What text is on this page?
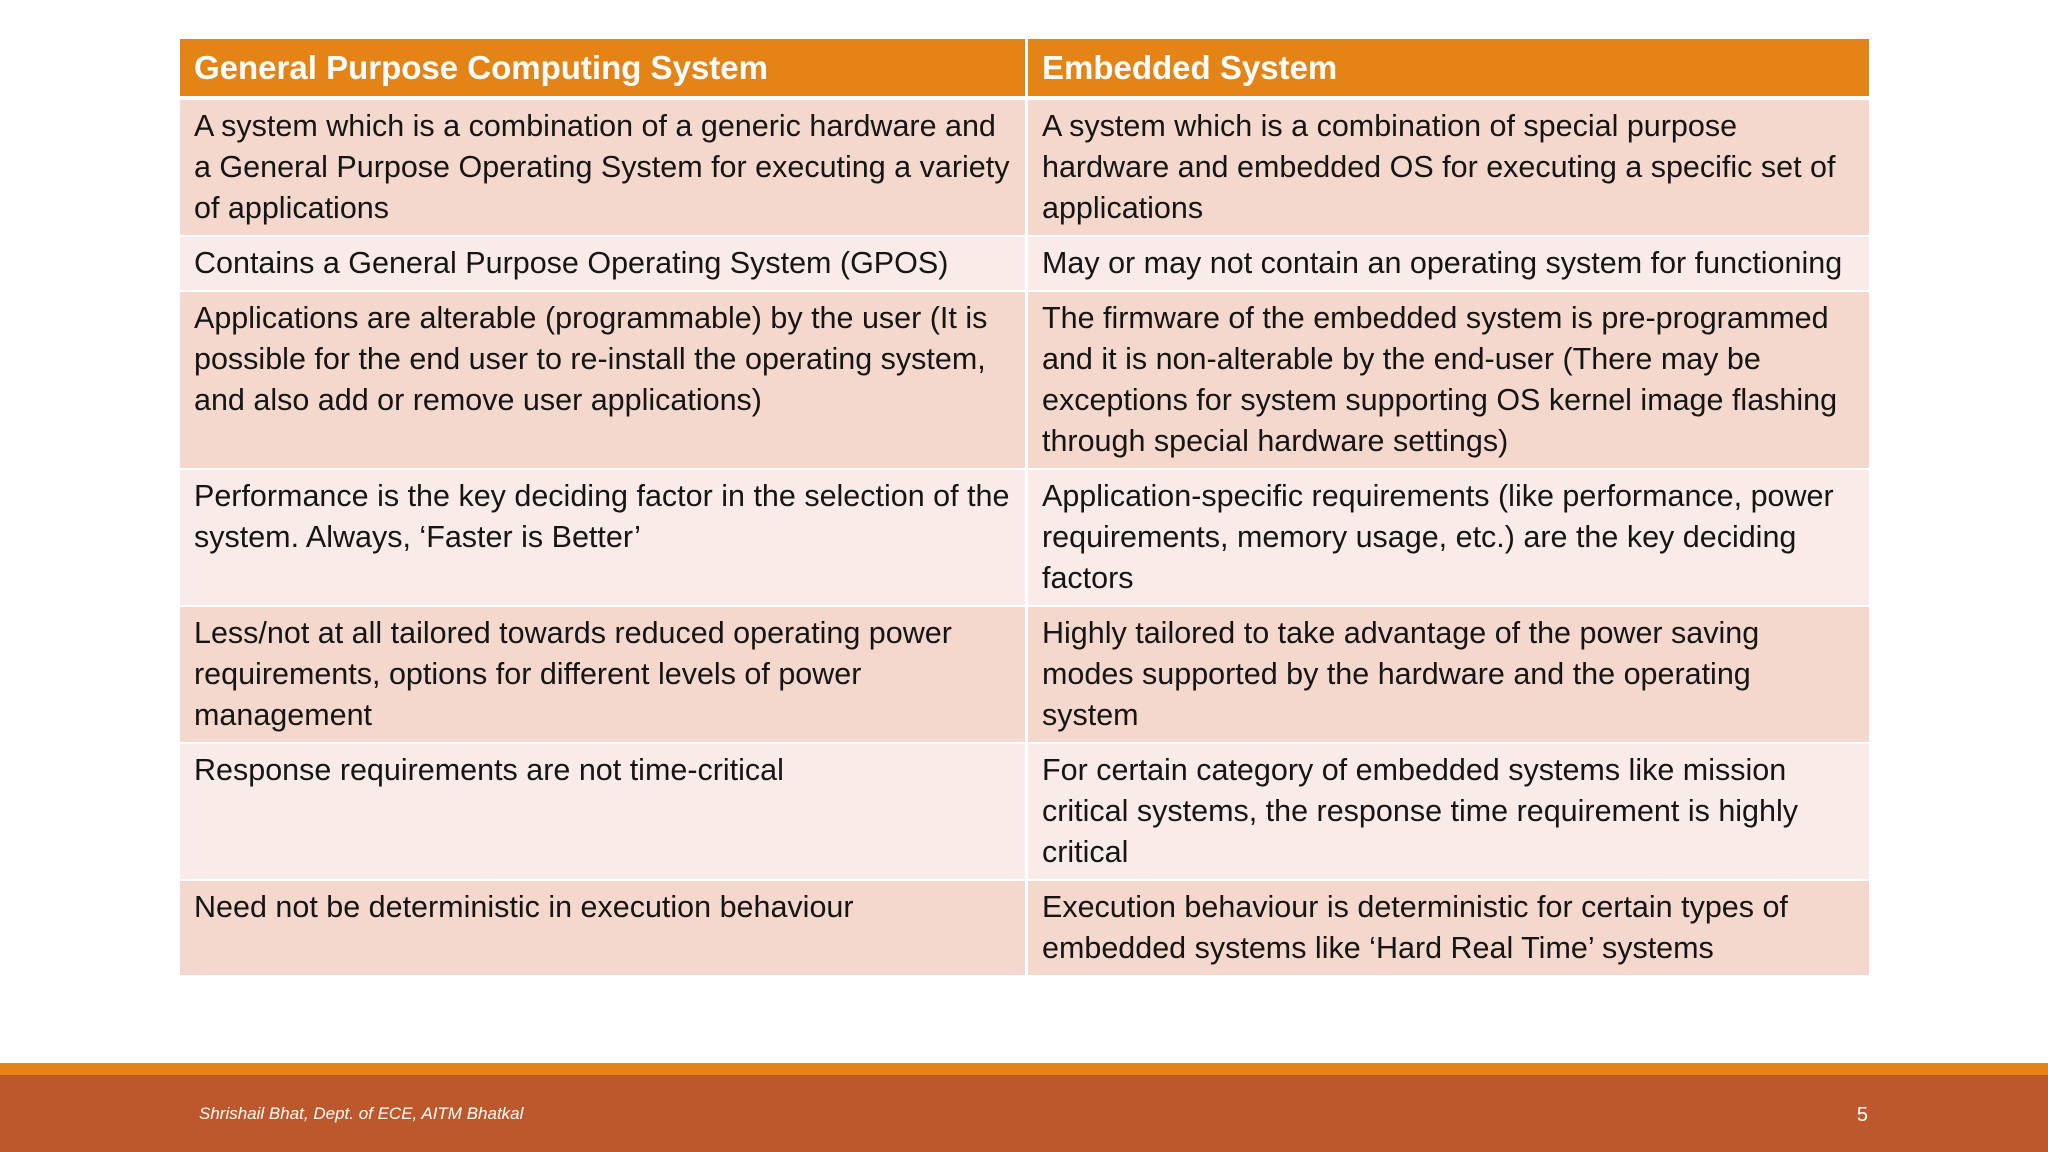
General Purpose Computing System	Embedded System
A system which is a combination of a generic hardware and a General Purpose Operating System for executing a variety of applications	A system which is a combination of special purpose hardware and embedded OS for executing a specific set of applications
Contains a General Purpose Operating System (GPOS)	May or may not contain an operating system for functioning
Applications are alterable (programmable) by the user (It is possible for the end user to re-install the operating system, and also add or remove user applications)	The firmware of the embedded system is pre-programmed and it is non-alterable by the end-user (There may be exceptions for system supporting OS kernel image flashing through special hardware settings)
Performance is the key deciding factor in the selection of the system. Always, ‘Faster is Better’	Application-specific requirements (like performance, power requirements, memory usage, etc.) are the key deciding factors
Less/not at all tailored towards reduced operating power requirements, options for different levels of power management	Highly tailored to take advantage of the power saving modes supported by the hardware and the operating system
Response requirements are not time-critical	For certain category of embedded systems like mission critical systems, the response time requirement is highly critical
Need not be deterministic in execution behaviour	Execution behaviour is deterministic for certain types of embedded systems like ‘Hard Real Time’ systems
Shrishail Bhat, Dept. of ECE, AITM Bhatkal	5
